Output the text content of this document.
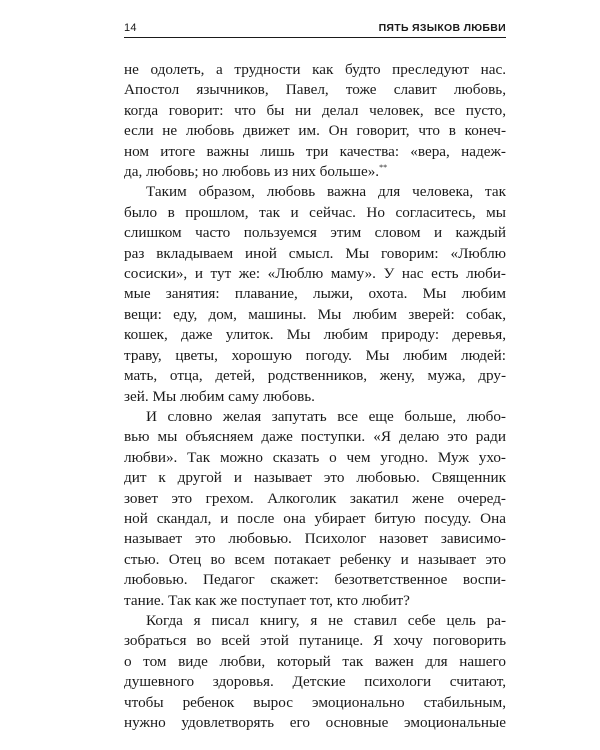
14	ПЯТЬ ЯЗЫКОВ ЛЮБВИ

не одолеть, а трудности как будто преследуют нас.
Апостол язычников, Павел, тоже славит любовь,
когда говорит: что бы ни делал человек, все пусто,
если не любовь движет им. Он говорит, что в конеч-
ном итоге важны лишь три качества: «вера, надеж-
да, любовь; но любовь из них больше».**

Таким образом, любовь важна для человека, так
было в прошлом, так и сейчас. Но согласитесь, мы
слишком часто пользуемся этим словом и каждый
раз вкладываем иной смысл. Мы говорим: «Люблю
сосиски», и тут же: «Люблю маму». У нас есть люби-
мые занятия: плавание, лыжи, охота. Мы любим
вещи: еду, дом, машины. Мы любим зверей: собак,
кошек, даже улиток. Мы любим природу: деревья,
траву, цветы, хорошую погоду. Мы любим людей:
мать, отца, детей, родственников, жену, мужа, дру-
зей. Мы любим саму любовь.

И словно желая запутать все еще больше, любо-
вью мы объясняем даже поступки. «Я делаю это ради
любви». Так можно сказать о чем угодно. Муж ухо-
дит к другой и называет это любовью. Священник
зовет это грехом. Алкоголик закатил жене очеред-
ной скандал, и после она убирает битую посуду. Она
называет это любовью. Психолог назовет зависимо-
стью. Отец во всем потакает ребенку и называет это
любовью. Педагог скажет: безответственное воспи-
тание. Так как же поступает тот, кто любит?

Когда я писал книгу, я не ставил себе цель ра-
зобраться во всей этой путанице. Я хочу поговорить
о том виде любви, который так важен для нашего
душевного здоровья. Детские психологи считают,
чтобы ребенок вырос эмоционально стабильным,
нужно удовлетворять его основные эмоциональные
